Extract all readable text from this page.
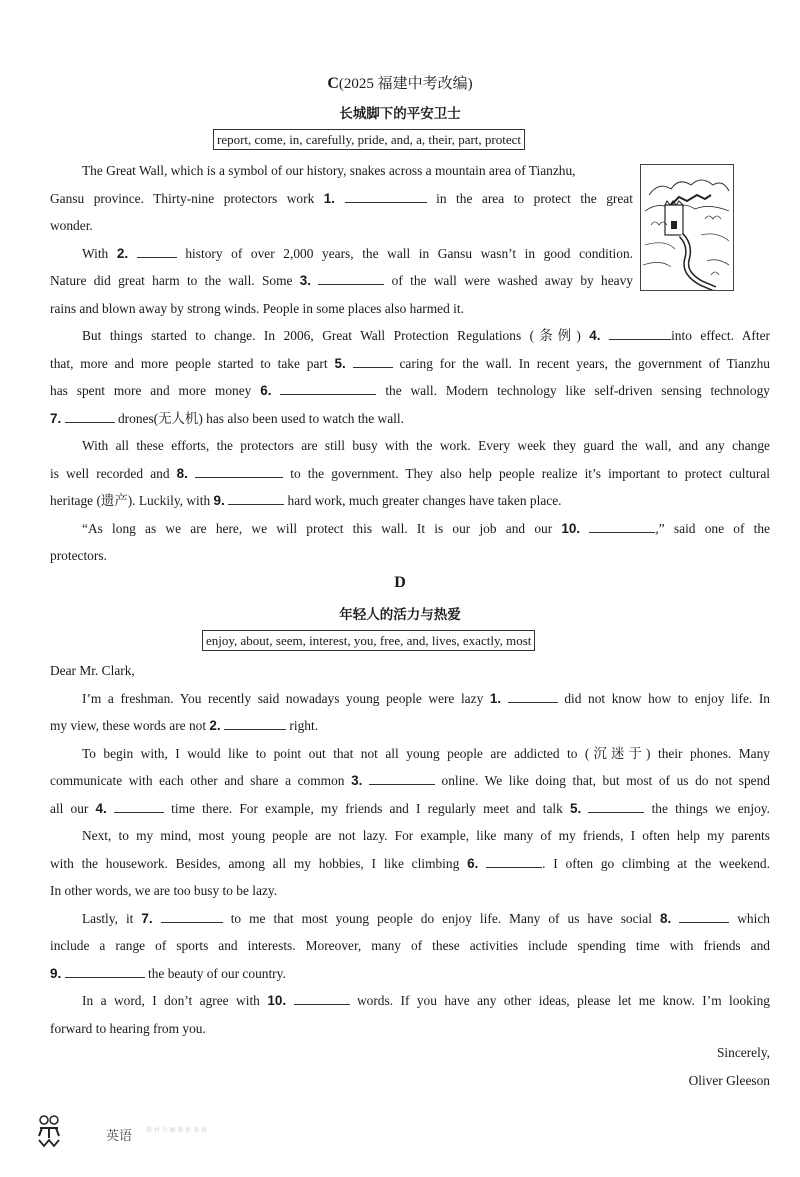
C(2025 福建中考改编)
长城脚下的平安卫士
report, come, in, carefully, pride, and, a, their, part, protect
The Great Wall, which is a symbol of our history, snakes across a mountain area of Tianzhu,
Gansu province. Thirty-nine protectors work 1.	in the area to protect the great
wonder.
With 2.	history of over 2,000 years, the wall in Gansu wasn’t in good condition.
Nature did great harm to the wall. Some 3.	of the wall were washed away by heavy
rains and blown away by strong winds. People in some places also harmed it.
But things started to change. In 2006, Great Wall Protection Regulations (条例) 4.	into effect. After
that, more and more people started to take part 5.	caring for the wall. In recent years, the government of Tianzhu
has spent more and more money 6.	the wall. Modern technology like self-driven sensing technology
7.	drones(无人机) has also been used to watch the wall.
With all these efforts, the protectors are still busy with the work. Every week they guard the wall, and any change
is well recorded and 8.	to the government. They also help people realize it’s important to protect cultural
heritage (遗产). Luckily, with 9.	hard work, much greater changes have taken place.
“As long as we are here, we will protect this wall. It is our job and our 10.	,” said one of the
protectors.
D
年轻人的活力与热爱
enjoy, about, seem, interest, you, free, and, lives, exactly, most
Dear Mr. Clark,
I’m a freshman. You recently said nowadays young people were lazy 1.	did not know how to enjoy life. In
my view, these words are not 2.	right.
To begin with, I would like to point out that not all young people are addicted to (沉迷于) their phones. Many
communicate with each other and share a common 3.	online. We like doing that, but most of us do not spend
all our 4.	time there. For example, my friends and I regularly meet and talk 5.	the things we enjoy.
Next, to my mind, most young people are not lazy. For example, like many of my friends, I often help my parents
with the housework. Besides, among all my hobbies, I like climbing 6.	. I often go climbing at the weekend.
In other words, we are too busy to be lazy.
Lastly, it 7.	to me that most young people do enjoy life. Many of us have social 8.	which
include a range of sports and interests. Moreover, many of these activities include spending time with friends and
9.	the beauty of our country.
In a word, I don’t agree with 10.	words. If you have any other ideas, please let me know. I’m looking
forward to hearing from you.
Sincerely,
Oliver Gleeson
英语 教 材 全 解 精 析 多 练
